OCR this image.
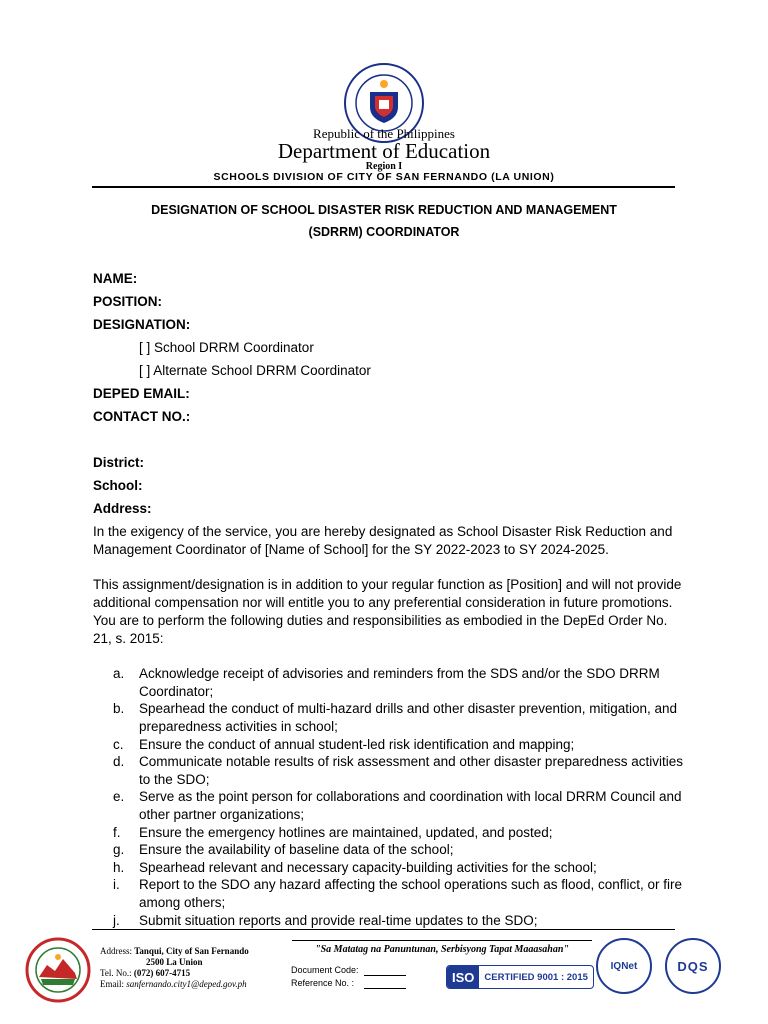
Republic of the Philippines
Department of Education
Region I
SCHOOLS DIVISION OF CITY OF SAN FERNANDO (LA UNION)
DESIGNATION OF SCHOOL DISASTER RISK REDUCTION AND MANAGEMENT
(SDRRM) COORDINATOR
NAME:
POSITION:
DESIGNATION:
[ ] School DRRM Coordinator
[ ] Alternate School DRRM Coordinator
DEPED EMAIL:
CONTACT NO.:
District:
School:
Address:
In the exigency of the service, you are hereby designated as School Disaster Risk Reduction and Management Coordinator of [Name of School] for the SY 2022-2023 to SY 2024-2025.
This assignment/designation is in addition to your regular function as [Position] and will not provide additional compensation nor will entitle you to any preferential consideration in future promotions. You are to perform the following duties and responsibilities as embodied in the DepEd Order No. 21, s. 2015:
a.	Acknowledge receipt of advisories and reminders from the SDS and/or the SDO DRRM Coordinator;
b.	Spearhead the conduct of multi-hazard drills and other disaster prevention, mitigation, and preparedness activities in school;
c.	Ensure the conduct of annual student-led risk identification and mapping;
d.	Communicate notable results of risk assessment and other disaster preparedness activities to the SDO;
e.	Serve as the point person for collaborations and coordination with local DRRM Council and other partner organizations;
f.	Ensure the emergency hotlines are maintained, updated, and posted;
g.	Ensure the availability of baseline data of the school;
h.	Spearhead relevant and necessary capacity-building activities for the school;
i.	Report to the SDO any hazard affecting the school operations such as flood, conflict, or fire among others;
j.	Submit situation reports and provide real-time updates to the SDO;
Address: Tanqui, City of San Fernando
2500 La Union
Tel. No.: (072) 607-4715
Email: sanfernando.city1@deped.gov.ph
"Sa Matatag na Panuntunan, Serbisyong Tapat Maaasahan"
Document Code:
Reference No. :	ISO	CERTIFIED 9001 : 2015
IQNet	DQS
